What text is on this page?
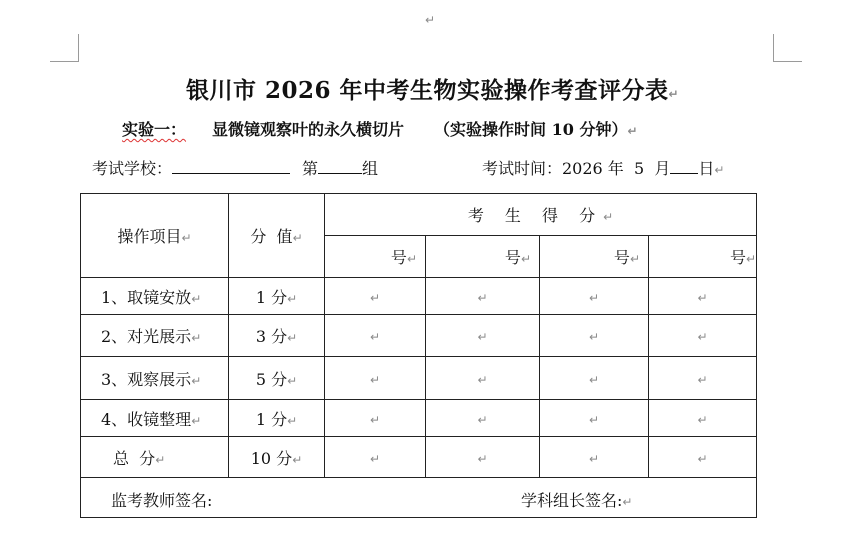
↵
银川市 2026 年中考生物实验操作考查评分表↵
实验一： 显微镜观察叶的永久横切片 （实验操作时间 10 分钟）↵
考试学校：	第	组	考试时间：2026 年  5  月 日↵
操作项目↵	分  值↵	考 生 得 分↵			
		号↵	号↵	号↵	号↵
1、取镜安放↵	1 分↵	↵	↵	↵	↵
2、对光展示↵	3 分↵	↵	↵	↵	↵
3、观察展示↵	5 分↵	↵	↵	↵	↵
4、收镜整理↵	1 分↵	↵	↵	↵	↵
总  分↵	10 分↵	↵	↵	↵	↵

监考教师签名: 学科组长签名:↵					
